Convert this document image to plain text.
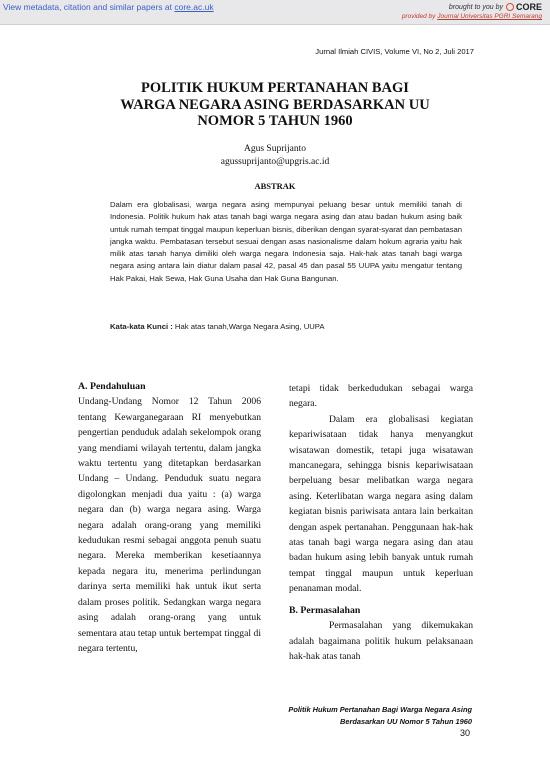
View metadata, citation and similar papers at core.ac.uk	brought to you by CORE
provided by Journal Universitas PGRI Semarang
Jurnal Ilmiah CIVIS, Volume VI, No 2, Juli 2017
POLITIK HUKUM PERTANAHAN BAGI
WARGA NEGARA ASING BERDASARKAN UU
NOMOR 5 TAHUN 1960
Agus Suprijanto
agussuprijanto@upgris.ac.id
ABSTRAK
Dalam era globalisasi, warga negara asing mempunyai peluang besar untuk memiliki tanah di Indonesia. Politik hukum hak atas tanah bagi warga negara asing dan atau badan hukum asing baik untuk rumah tempat tinggal maupun keperluan bisnis, diberikan dengan syarat-syarat dan pembatasan jangka waktu. Pembatasan tersebut sesuai dengan asas nasionalisme dalam hokum agraria yaitu hak milik atas tanah hanya dimiliki oleh warga negara Indonesia saja. Hak-hak atas tanah bagi warga negara asing antara lain diatur dalam pasal 42, pasal 45 dan pasal 55 UUPA yaitu mengatur tentang Hak Pakai, Hak Sewa, Hak Guna Usaha dan Hak Guna Bangunan.
Kata-kata Kunci : Hak atas tanah,Warga Negara Asing, UUPA
A. Pendahuluan

Undang-Undang Nomor 12 Tahun 2006 tentang Kewarganegaraan RI menyebutkan pengertian penduduk adalah sekelompok orang yang mendiami wilayah tertentu, dalam jangka waktu tertentu yang ditetapkan berdasarkan Undang – Undang. Penduduk suatu negara digolongkan menjadi dua yaitu : (a) warga negara dan (b) warga negara asing. Warga negara adalah orang-orang yang memiliki kedudukan resmi sebagai anggota penuh suatu negara. Mereka memberikan kesetiaannya kepada negara itu, menerima perlindungan darinya serta memiliki hak untuk ikut serta dalam proses politik. Sedangkan warga negara asing adalah orang-orang yang untuk sementara atau tetap untuk bertempat tinggal di negara tertentu,

tetapi tidak berkedudukan sebagai warga negara.

Dalam era globalisasi kegiatan kepariwisataan tidak hanya menyangkut wisatawan domestik, tetapi juga wisatawan mancanegara, sehingga bisnis kepariwisataan berpeluang besar melibatkan warga negara asing. Keterlibatan warga negara asing dalam kegiatan bisnis pariwisata antara lain berkaitan dengan aspek pertanahan. Penggunaan hak-hak atas tanah bagi warga negara asing dan atau badan hukum asing lebih banyak untuk rumah tempat tinggal maupun untuk keperluan penanaman modal.

B. Permasalahan

Permasalahan yang dikemukakan adalah bagaimana politik hukum pelaksanaan hak-hak atas tanah

Politik Hukum Pertanahan Bagi Warga Negara Asing
Berdasarkan UU Nomor 5 Tahun 1960
30
